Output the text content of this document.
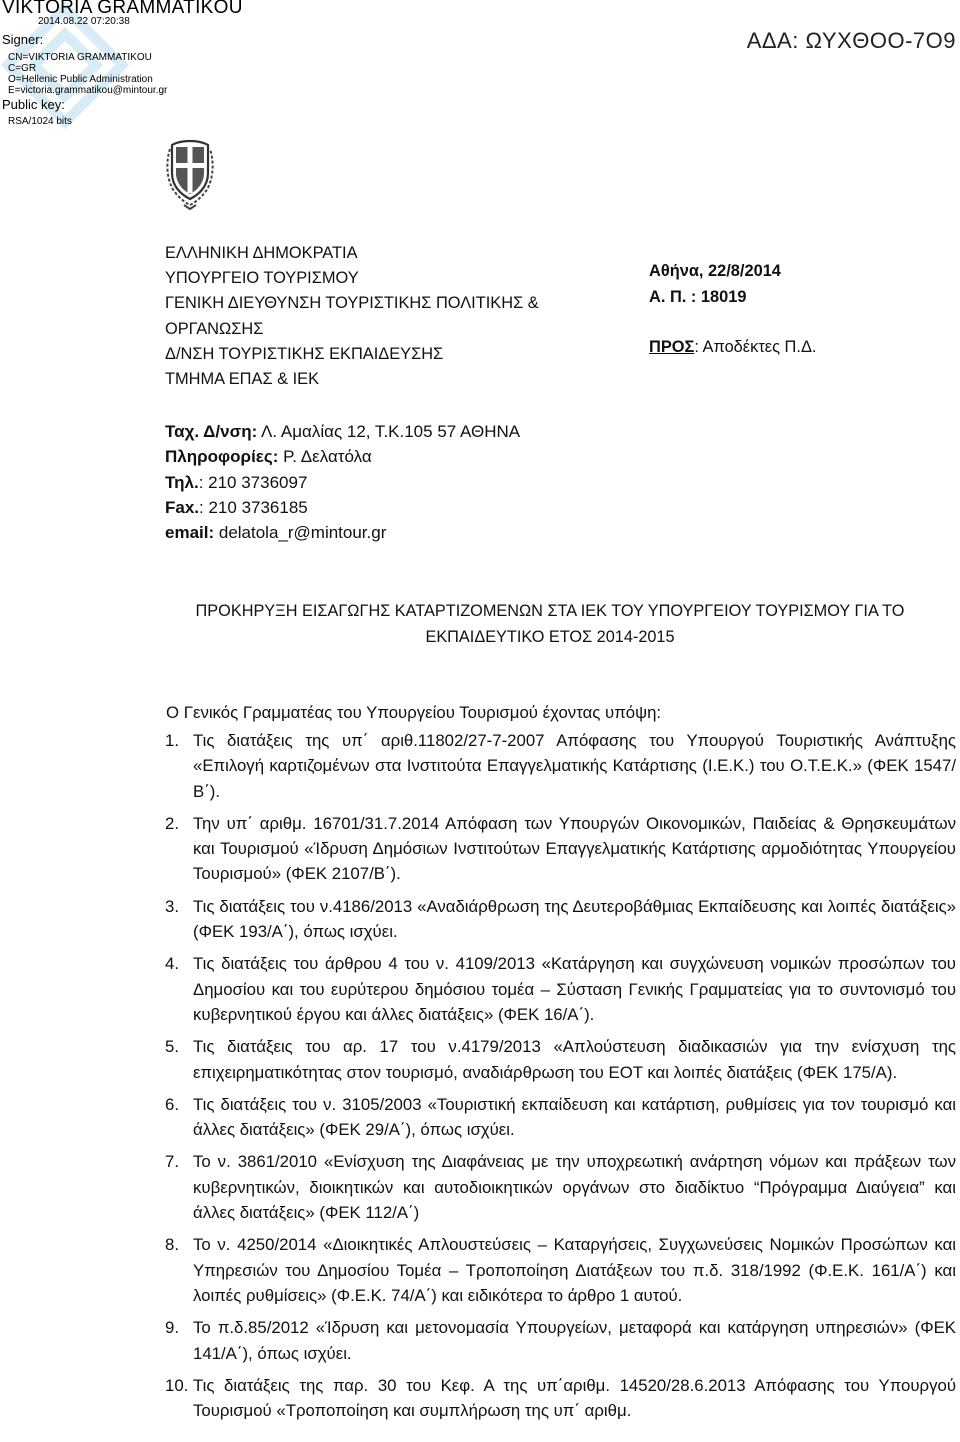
VIKTORIA GRAMMATIKOU
2014.08.22 07:20:38
Signer:
CN=VIKTORIA GRAMMATIKOU
C=GR
O=Hellenic Public Administration
E=victoria.grammatikou@mintour.gr
Public key:
RSA/1024 bits
ΑΔΑ: ΩΥΧΘΟΟ-7Ο9
ΕΛΛΗΝΙΚΗ ΔΗΜΟΚΡΑΤΙΑ
ΥΠΟΥΡΓΕΙΟ ΤΟΥΡΙΣΜΟΥ
ΓΕΝΙΚΗ ΔΙΕΥΘΥΝΣΗ ΤΟΥΡΙΣΤΙΚΗΣ ΠΟΛΙΤΙΚΗΣ &
ΟΡΓΑΝΩΣΗΣ
Δ/ΝΣΗ ΤΟΥΡΙΣΤΙΚΗΣ ΕΚΠΑΙΔΕΥΣΗΣ
ΤΜΗΜΑ ΕΠΑΣ & ΙΕΚ
Αθήνα, 22/8/2014
Α. Π. : 18019
ΠΡΟΣ: Αποδέκτες Π.Δ.
Ταχ. Δ/νση: Λ. Αμαλίας 12, Τ.Κ.105 57 ΑΘΗΝΑ
Πληροφορίες: Ρ. Δελατόλα
Τηλ.: 210 3736097
Fax.: 210 3736185
email: delatola_r@mintour.gr
ΠΡΟΚΗΡΥΞΗ ΕΙΣΑΓΩΓΗΣ ΚΑΤΑΡΤΙΖΟΜΕΝΩΝ ΣΤΑ ΙΕΚ ΤΟΥ ΥΠΟΥΡΓΕΙΟΥ ΤΟΥΡΙΣΜΟΥ ΓΙΑ ΤΟ
ΕΚΠΑΙΔΕΥΤΙΚΟ ΕΤΟΣ 2014-2015
Ο Γενικός Γραμματέας του Υπουργείου Τουρισμού έχοντας υπόψη:
1. Τις διατάξεις της υπ΄ αριθ.11802/27-7-2007 Απόφασης του Υπουργού Τουριστικής Ανάπτυξης «Επιλογή καρτιζομένων στα Ινστιτούτα Επαγγελματικής Κατάρτισης (Ι.Ε.Κ.) του Ο.Τ.Ε.Κ.» (ΦΕΚ 1547/Β΄).
2. Την υπ΄ αριθμ. 16701/31.7.2014 Απόφαση των Υπουργών Οικονομικών, Παιδείας & Θρησκευμάτων και Τουρισμού «Ίδρυση Δημόσιων Ινστιτούτων Επαγγελματικής Κατάρτισης αρμοδιότητας Υπουργείου Τουρισμού» (ΦΕΚ 2107/Β΄).
3. Τις διατάξεις του ν.4186/2013 «Αναδιάρθρωση της Δευτεροβάθμιας Εκπαίδευσης και λοιπές διατάξεις» (ΦΕΚ 193/Α΄), όπως ισχύει.
4. Τις διατάξεις του άρθρου 4 του ν. 4109/2013 «Κατάργηση και συγχώνευση νομικών προσώπων του Δημοσίου και του ευρύτερου δημόσιου τομέα – Σύσταση Γενικής Γραμματείας για το συντονισμό του κυβερνητικού έργου και άλλες διατάξεις» (ΦΕΚ 16/Α΄).
5. Τις διατάξεις του αρ. 17 του ν.4179/2013 «Απλούστευση διαδικασιών για την ενίσχυση της επιχειρηματικότητας στον τουρισμό, αναδιάρθρωση του ΕΟΤ και λοιπές διατάξεις (ΦΕΚ 175/Α).
6. Τις διατάξεις του ν. 3105/2003 «Τουριστική εκπαίδευση και κατάρτιση, ρυθμίσεις για τον τουρισμό και άλλες διατάξεις» (ΦΕΚ 29/Α΄), όπως ισχύει.
7. Το ν. 3861/2010 «Ενίσχυση της Διαφάνειας με την υποχρεωτική ανάρτηση νόμων και πράξεων των κυβερνητικών, διοικητικών και αυτοδιοικητικών οργάνων στο διαδίκτυο “Πρόγραμμα Διαύγεια” και άλλες διατάξεις» (ΦΕΚ 112/Α΄)
8. Το ν. 4250/2014 «Διοικητικές Απλουστεύσεις – Καταργήσεις, Συγχωνεύσεις Νομικών Προσώπων και Υπηρεσιών του Δημοσίου Τομέα – Τροποποίηση Διατάξεων του π.δ. 318/1992 (Φ.Ε.Κ. 161/Α΄) και λοιπές ρυθμίσεις» (Φ.Ε.Κ. 74/Α΄) και ειδικότερα το άρθρο 1 αυτού.
9. Το π.δ.85/2012 «Ίδρυση και μετονομασία Υπουργείων, μεταφορά και κατάργηση υπηρεσιών» (ΦΕΚ 141/Α΄), όπως ισχύει.
10. Τις διατάξεις της παρ. 30 του Κεφ. Α της υπ΄αριθμ. 14520/28.6.2013 Απόφασης του Υπουργού Τουρισμού «Τροποποίηση και συμπλήρωση της υπ΄ αριθμ.
